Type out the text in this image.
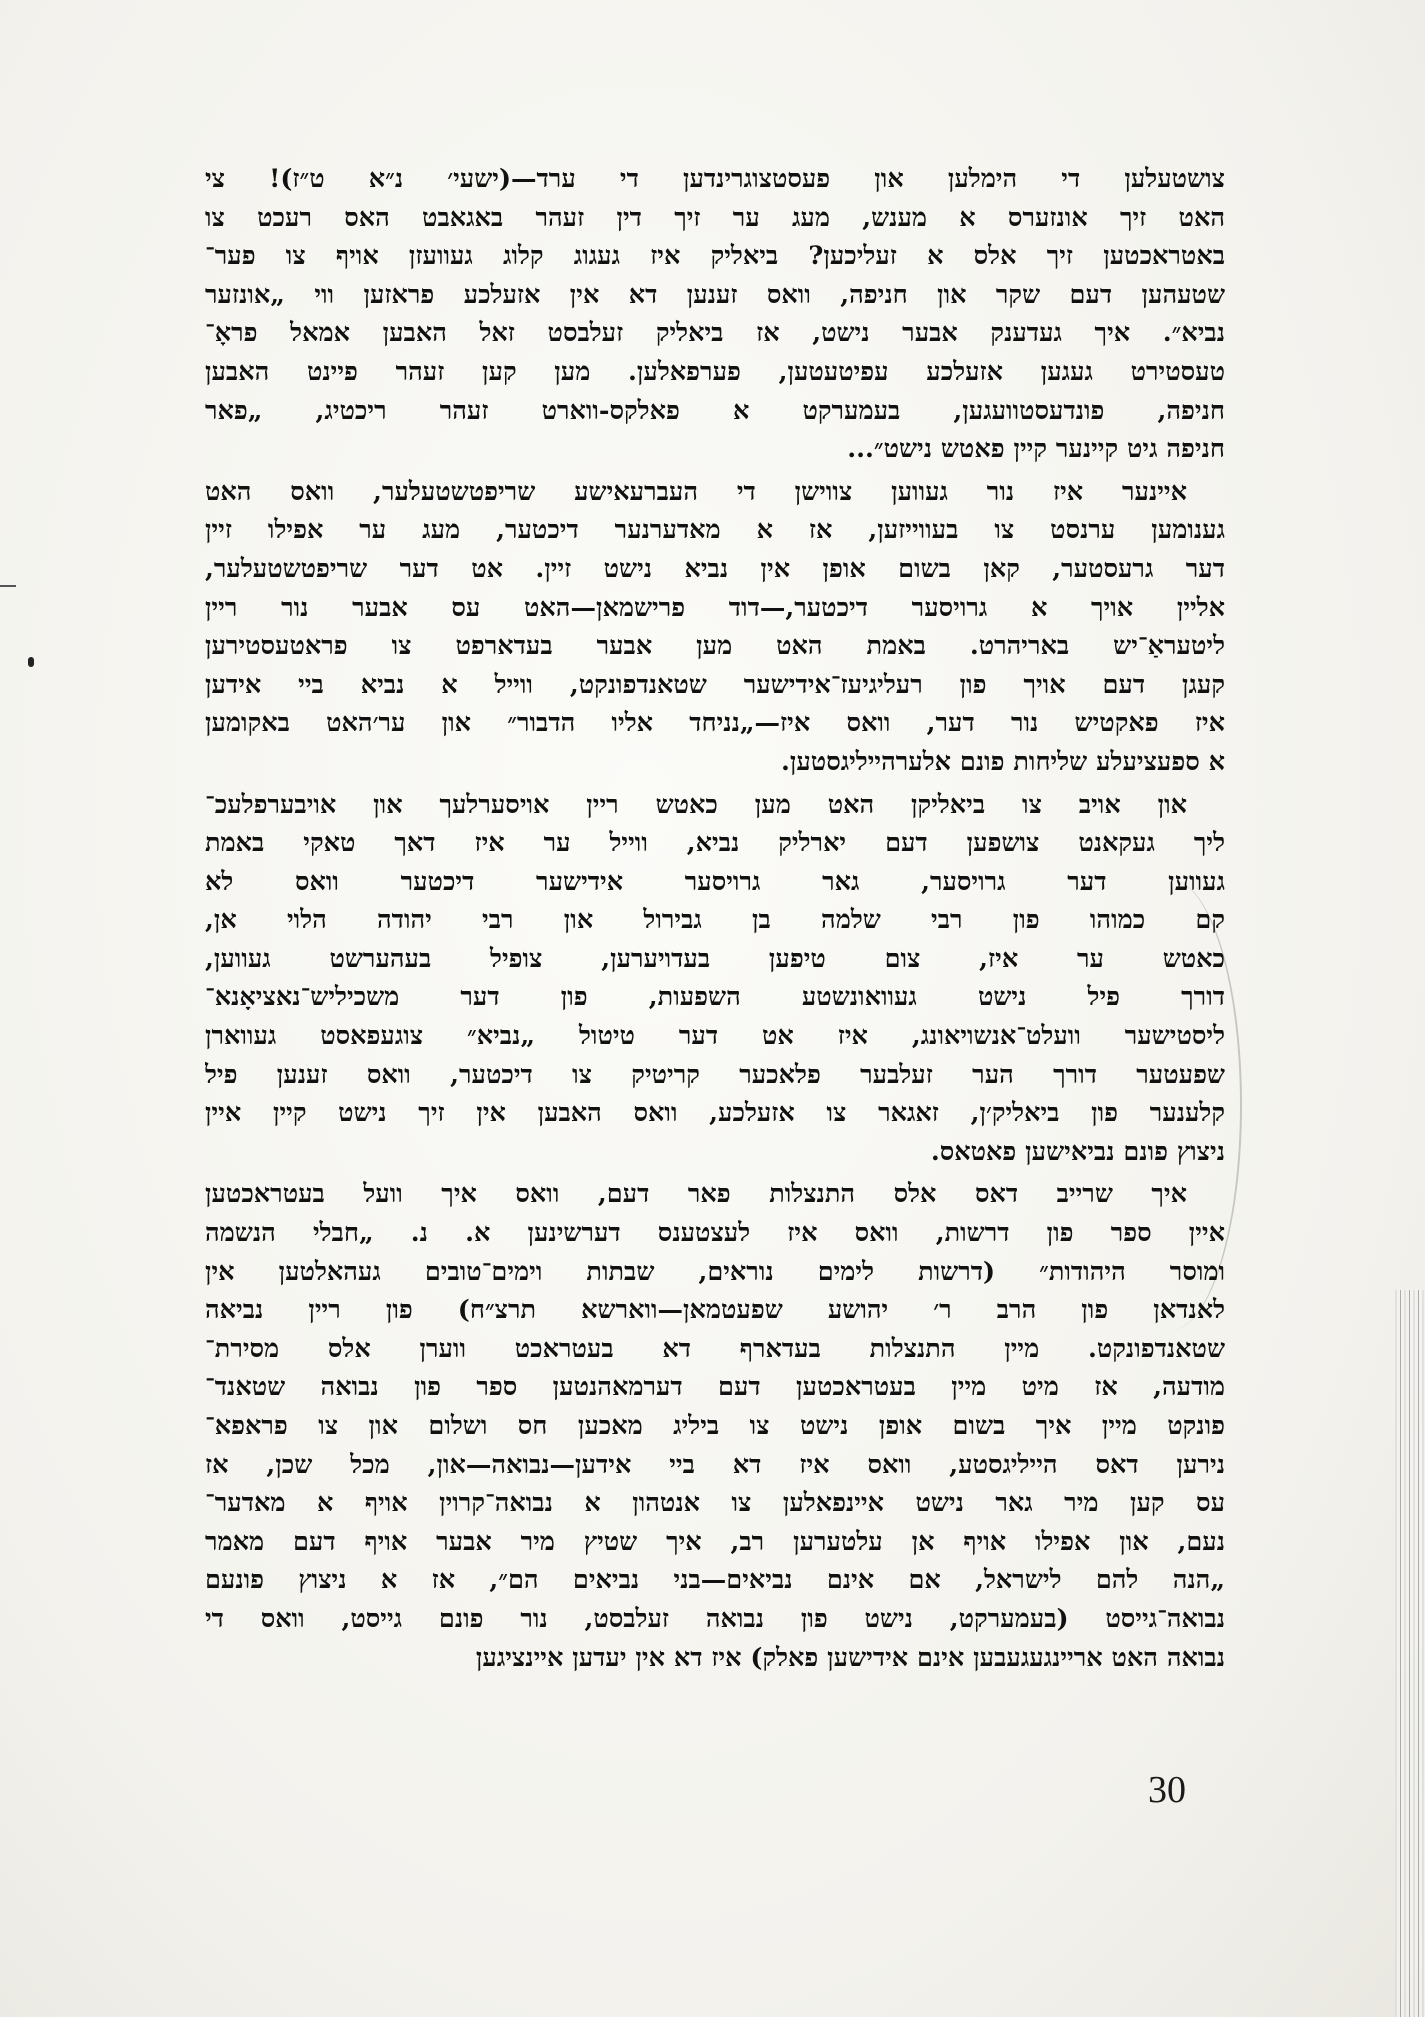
צושטעלען די הימלען און פעסטצוגרינדען די ערד—(ישעי׳ נ״א ט״ז)! צי
האט זיך אונזערס א מענש, מעג ער זיך דין זעהר באגאבט האס רעכט צו
באטראכטען זיך אלס א זעליכען? ביאליק איז געגוג קלוג געוועזן אויף צו פער־
שטעהען דעם שקר און חניפה, וואס זענען דא אין אזעלכע פראזען ווי „אונזער
נביא״. איך געדענק אבער נישט, אז ביאליק זעלבסט זאל האבען אמאל פראָ־
טעסטירט געגען אזעלכע עפיטעטען, פערפאלען. מען קען זעהר פיינט האבען
חניפה, פונדעסטוועגען, בעמערקט א פאלקס-ווארט זעהר ריכטיג, „פאר
חניפה גיט קיינער קיין פאטש נישט״...
איינער איז נור געווען צווישן די העברעאישע שריפטשטעלער, וואס האט
גענומען ערנסט צו בעווייזען, אז א מאדערנער דיכטער, מעג ער אפילו זיין
דער גרעסטער, קאן בשום אופן אין נביא נישט זיין. אט דער שריפטשטעלער,
אליין אויך א גרויסער דיכטער,—דוד פרישמאן—האט עס אבער נור ריין
ליטעראַ־יש באריהרט. באמת האט מען אבער בעדארפט צו פראטעסטירען
קעגן דעם אויך פון רעליגיעז־אידישער שטאנדפונקט, ווייל א נביא ביי אידען
איז פאקטיש נור דער, וואס איז—„נניחד אליו הדבור״ און ער׳האט באקומען
א ספעציעלע שליחות פונם אלערהייליגסטען.
און אויב צו ביאליקן האט מען כאטש ריין אויסערלעך און אויבערפלעכ־
ליך געקאנט צושפען דעם יארליק נביא, ווייל ער איז דאך טאקי באמת
געווען דער גרויסער, גאר גרויסער אידישער דיכטער וואס לא
קם כמוהו פון רבי שלמה בן גבירול און רבי יהודה הלוי אן,
כאטש ער איז, צום טיפען בעדויערען, צופיל בעהערשט געווען,
דורך פיל נישט געוואונשטע השפעות, פון דער משכיליש־נאציאָנא־
ליסטישער וועלט־אנשויאונג, איז אט דער טיטול „נביא״ צוגעפאסט געווארן
שפעטער דורך הער זעלבער פלאכער קריטיק צו דיכטער, וואס זענען פיל
קלענער פון ביאליק׳ן, זאגאר צו אזעלכע, וואס האבען אין זיך נישט קיין איין
ניצוץ פונם נביאישען פאטאס.
איך שרייב דאס אלס התנצלות פאר דעם, וואס איך וועל בעטראכטען
איין ספר פון דרשות, וואס איז לעצטענס דערשינען א. נ. „חבלי הנשמה
ומוסר היהודות״ (דרשות לימים נוראים, שבתות וימים־טובים געהאלטען אין
לאנדאן פון הרב ר׳ יהושע שפעטמאן—ווארשא תרצ״ח) פון ריין נביאה
שטאנדפונקט. מיין התנצלות בעדארף דא בעטראכט ווערן אלס מסירת־
מודעה, אז מיט מיין בעטראכטען דעם דערמאהנטען ספר פון נבואה שטאנד־
פונקט מיין איך בשום אופן נישט צו ביליג מאכען חס ושלום און צו פראפא־
נירען דאס הייליגסטע, וואס איז דא ביי אידען—נבואה—און, מכל שכן, אז
עס קען מיר גאר נישט איינפאלען צו אנטהון א נבואה־קרוין אויף א מאדער־
נעם, און אפילו אויף אן עלטערען רב, איך שטיץ מיר אבער אויף דעם מאמר
„הנה להם לישראל, אם אינם נביאים—בני נביאים הם״, אז א ניצוץ פונעם
נבואה־גייסט (בעמערקט, נישט פון נבואה זעלבסט, נור פונם גייסט, וואס די
נבואה האט אריינגעגעבען אינם אידישען פאלק) איז דא אין יעדען איינציגען
30
